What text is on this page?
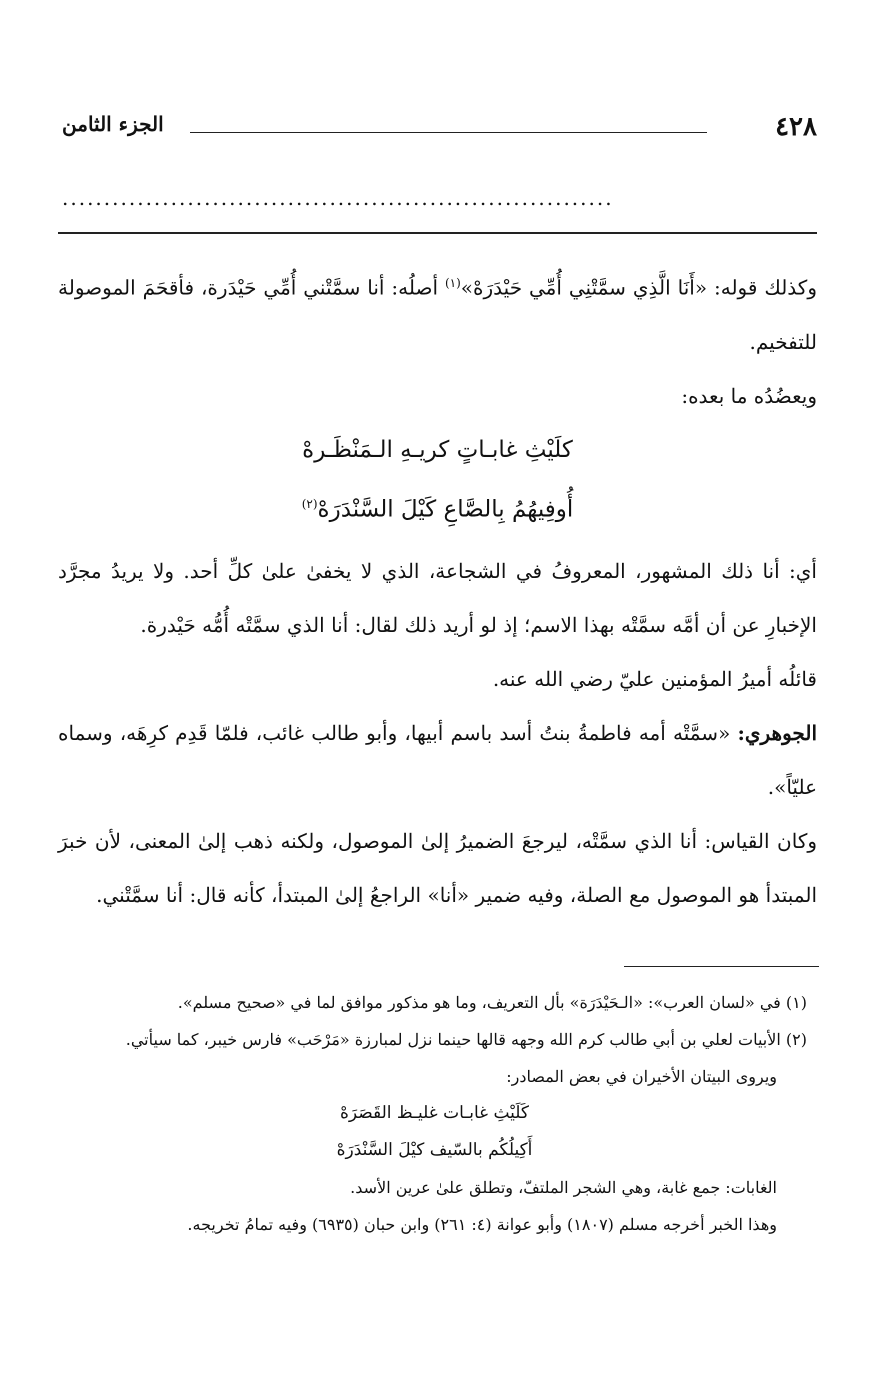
٤٢٨
الجزء الثامن
..................................................................

وكذلك قوله: «أَنَا الَّذِي سمَّتْنِي أُمِّي حَيْدَرَهْ»$^{(١)}$ أصلُه: أنا سمَّتْني أُمِّي حَيْدَرة، فأقحَمَ الموصولة للتفخيم.

ويعضُدُه ما بعده:

كلَيْثِ غابـاتٍ كريـهِ الـمَنْظَـرهْ
أُوفِيهُمُ بِالصَّاعِ كَيْلَ السَّنْدَرَهْ$^{(٢)}$

أي: أنا ذلك المشهور، المعروفُ في الشجاعة، الذي لا يخفىٰ علىٰ كلِّ أحد. ولا يريدُ مجرَّد الإخبارِ عن أن أمَّه سمَّتْه بهذا الاسم؛ إذ لو أريد ذلك لقال: أنا الذي سمَّتْه أُمُّه حَيْدرة.

قائلُه أميرُ المؤمنين عليّ رضي الله عنه.

الجوهري: «سمَّتْه أمه فاطمةُ بنتُ أسد باسم أبيها، وأبو طالب غائب، فلمّا قَدِم كرِهَه، وسماه عليّاً».

وكان القياس: أنا الذي سمَّتْه، ليرجعَ الضميرُ إلىٰ الموصول، ولكنه ذهب إلىٰ المعنى، لأن خبرَ المبتدأ هو الموصول مع الصلة، وفيه ضمير «أنا» الراجعُ إلىٰ المبتدأ، كأنه قال: أنا سمَّتْني.

(١) في «لسان العرب»: «الـحَيْدَرَة» بأل التعريف، وما هو مذكور موافق لما في «صحيح مسلم».

(٢) الأبيات لعلي بن أبي طالب كرم الله وجهه قالها حينما نزل لمبارزة «مَرْحَب» فارس خيبر، كما سيأتي.

ويروى البيتان الأخيران في بعض المصادر:

كَلَيْثِ غابـات غليـظ القَصَرَهْ

أَكِيلُكُم بالسّيف كيْلَ السَّنْدَرَهْ

الغابات: جمع غابة، وهي الشجر الملتفّ، وتطلق علىٰ عرين الأسد.

وهذا الخبر أخرجه مسلم (١٨٠٧) وأبو عوانة (٤: ٢٦١) وابن حبان (٦٩٣٥) وفيه تمامُ تخريجه.
